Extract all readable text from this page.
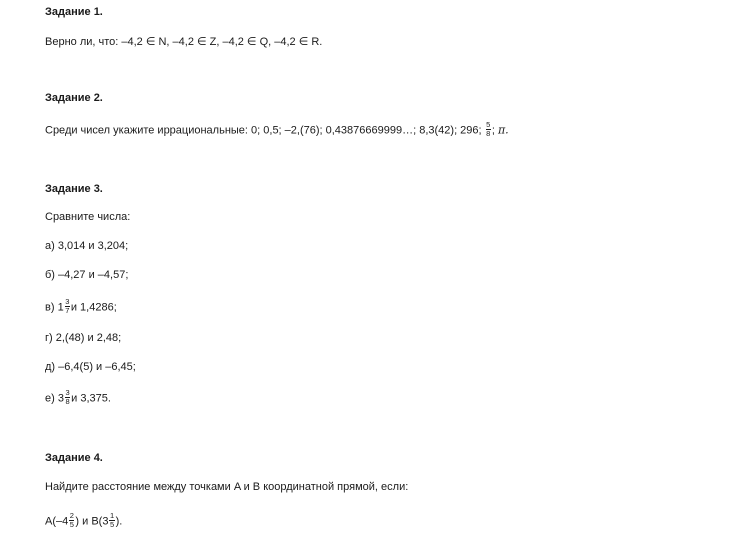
Задание 1.
Верно ли, что: –4,2 ∈ N, –4,2 ∈ Z, –4,2 ∈ Q, –4,2 ∈ R.
Задание 2.
Среди чисел укажите иррациональные: 0; 0,5; –2,(76); 0,43876669999…; 8,3(42); 296; $\frac{5}{8}$ ; π.
Задание 3.
Сравните числа:
а) 3,014 и 3,204;
б) –4,27 и –4,57;
в) $1 \frac{3}{7}$ и 1,4286;
г) 2,(48) и 2,48;
д) –6,4(5) и –6,45;
е) $3 \frac{3}{8}$ и 3,375.
Задание 4.
Найдите расстояние между точками A и B координатной прямой, если:
$A(-4 \frac{2}{5}$ ) и $B(3 \frac{1}{5}$ ).
